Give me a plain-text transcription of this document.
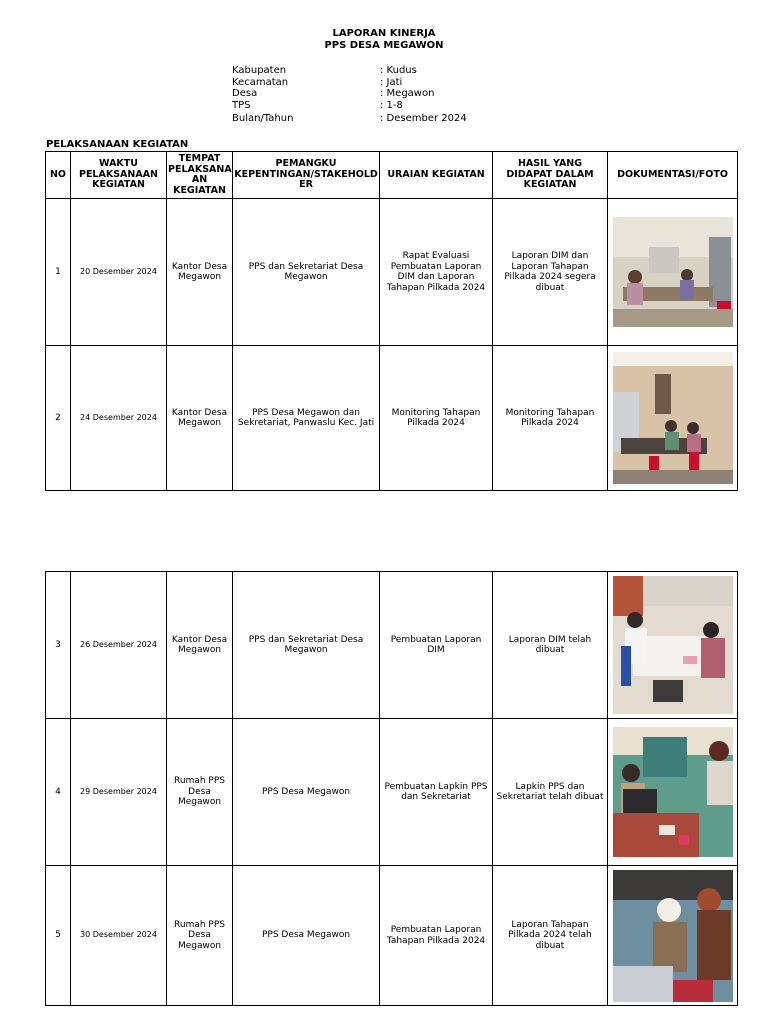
LAPORAN KINERJA
PPS DESA MEGAWON
Kabupaten	: Kudus
Kecamatan	: Jati
Desa	: Megawon
TPS	: 1-8
Bulan/Tahun	: Desember 2024
PELAKSANAAN KEGIATAN
NO	WAKTU PELAKSANAAN KEGIATAN	TEMPAT PELAKSANA AN KEGIATAN	PEMANGKU KEPENTINGAN/STAKEHOLD ER	URAIAN KEGIATAN	HASIL YANG DIDAPAT DALAM KEGIATAN	DOKUMENTASI/FOTO
1	20 Desember 2024	Kantor Desa Megawon	PPS dan Sekretariat Desa Megawon	Rapat Evaluasi Pembuatan Laporan DIM dan Laporan Tahapan Pilkada 2024	Laporan DIM dan Laporan Tahapan Pilkada 2024 segera dibuat	

2	24 Desember 2024	Kantor Desa Megawon	PPS Desa Megawon dan Sekretariat, Panwaslu Kec. Jati	Monitoring Tahapan Pilkada 2024	Monitoring Tahapan Pilkada 2024	
3	26 Desember 2024	Kantor Desa Megawon	PPS dan Sekretariat Desa Megawon	Pembuatan Laporan DIM	Laporan DIM telah dibuat	

4	29 Desember 2024	Rumah PPS Desa Megawon	PPS Desa Megawon	Pembuatan Lapkin PPS dan Sekretariat	Lapkin PPS dan Sekretariat telah dibuat	

5	30 Desember 2024	Rumah PPS Desa Megawon	PPS Desa Megawon	Pembuatan Laporan Tahapan Pilkada 2024	Laporan Tahapan Pilkada 2024 telah dibuat	
